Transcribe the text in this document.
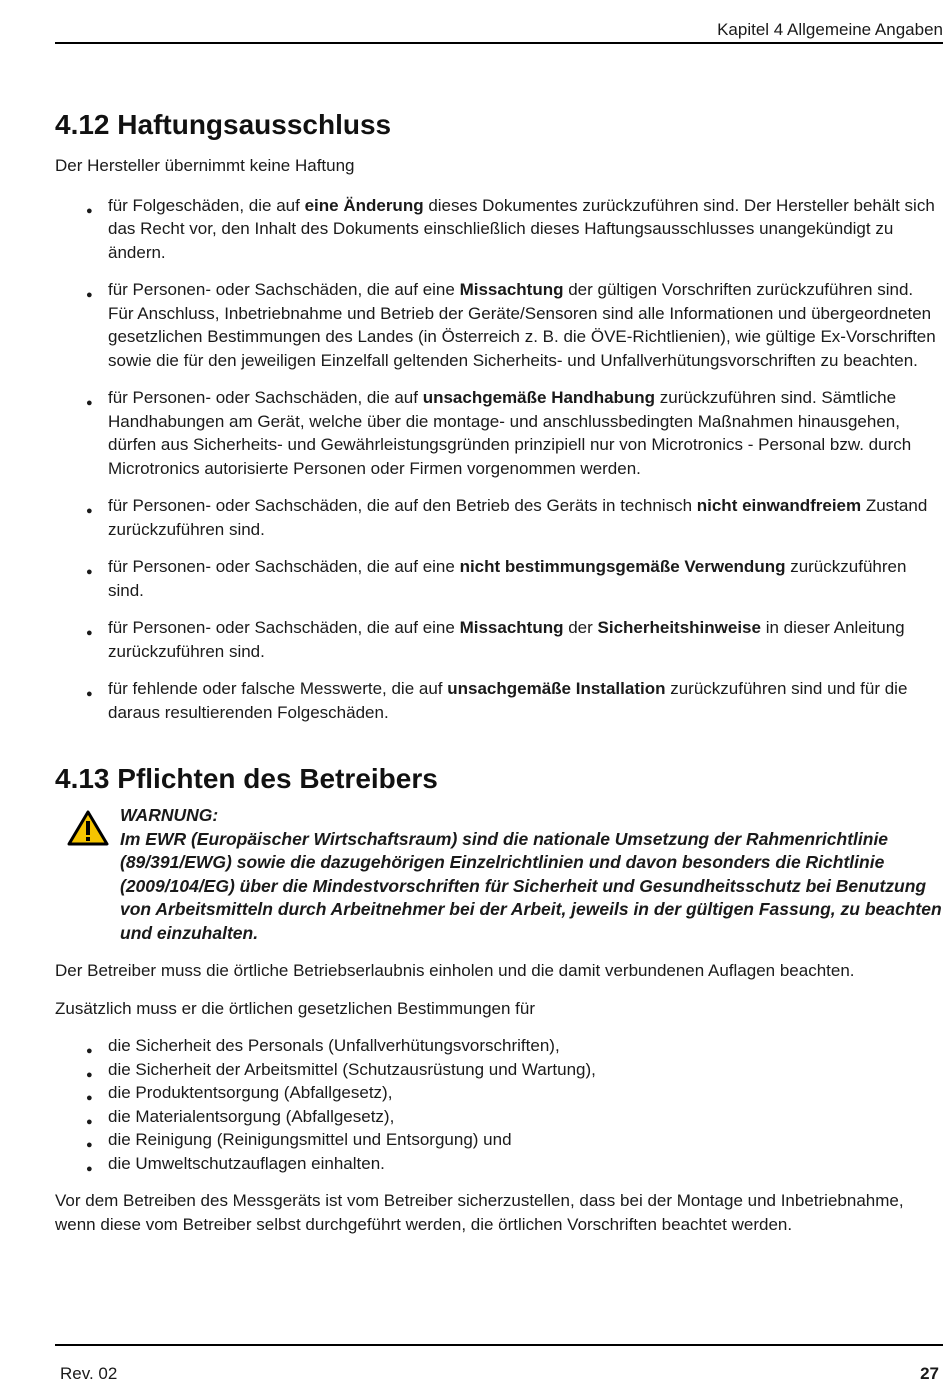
Kapitel 4 Allgemeine Angaben
4.12 Haftungsausschluss

Der Hersteller übernimmt keine Haftung

● für Folgeschäden, die auf eine Änderung dieses Dokumentes zurückzuführen sind. Der Hersteller behält sich das Recht vor, den Inhalt des Dokuments einschließlich dieses Haftungsausschlusses unangekündigt zu ändern.
● für Personen- oder Sachschäden, die auf eine Missachtung der gültigen Vorschriften zurückzuführen sind. Für Anschluss, Inbetriebnahme und Betrieb der Geräte/Sensoren sind alle Informationen und übergeordneten gesetzlichen Bestimmungen des Landes (in Österreich z. B. die ÖVE-Richtlienien), wie gültige Ex-Vorschriften sowie die für den jeweiligen Einzelfall geltenden Sicherheits- und Unfallverhütungsvorschriften zu beachten.
● für Personen- oder Sachschäden, die auf unsachgemäße Handhabung zurückzuführen sind. Sämtliche Handhabungen am Gerät, welche über die montage- und anschlussbedingten Maßnahmen hinausgehen, dürfen aus Sicherheits- und Gewährleistungsgründen prinzipiell nur von Microtronics - Personal bzw. durch Microtronics autorisierte Personen oder Firmen vorgenommen werden.
● für Personen- oder Sachschäden, die auf den Betrieb des Geräts in technisch nicht einwandfreiem Zustand zurückzuführen sind.
● für Personen- oder Sachschäden, die auf eine nicht bestimmungsgemäße Verwendung zurückzuführen sind.
● für Personen- oder Sachschäden, die auf eine Missachtung der Sicherheitshinweise in dieser Anleitung zurückzuführen sind.
● für fehlende oder falsche Messwerte, die auf unsachgemäße Installation zurückzuführen sind und für die daraus resultierenden Folgeschäden.
4.13 Pflichten des Betreibers
WARNUNG:
Im EWR (Europäischer Wirtschaftsraum) sind die nationale Umsetzung der Rahmenrichtlinie (89/391/EWG) sowie die dazugehörigen Einzelrichtlinien und davon besonders die Richtlinie (2009/104/EG) über die Mindestvorschriften für Sicherheit und Gesundheitsschutz bei Benutzung von Arbeitsmitteln durch Arbeitnehmer bei der Arbeit, jeweils in der gültigen Fassung, zu beachten und einzuhalten.

Der Betreiber muss die örtliche Betriebserlaubnis einholen und die damit verbundenen Auflagen beachten.

Zusätzlich muss er die örtlichen gesetzlichen Bestimmungen für

● die Sicherheit des Personals (Unfallverhütungsvorschriften),
● die Sicherheit der Arbeitsmittel (Schutzausrüstung und Wartung),
● die Produktentsorgung (Abfallgesetz),
● die Materialentsorgung (Abfallgesetz),
● die Reinigung (Reinigungsmittel und Entsorgung) und
● die Umweltschutzauflagen einhalten.

Vor dem Betreiben des Messgeräts ist vom Betreiber sicherzustellen, dass bei der Montage und Inbetriebnahme, wenn diese vom Betreiber selbst durchgeführt werden, die örtlichen Vorschriften beachtet werden.

Rev. 02	27
